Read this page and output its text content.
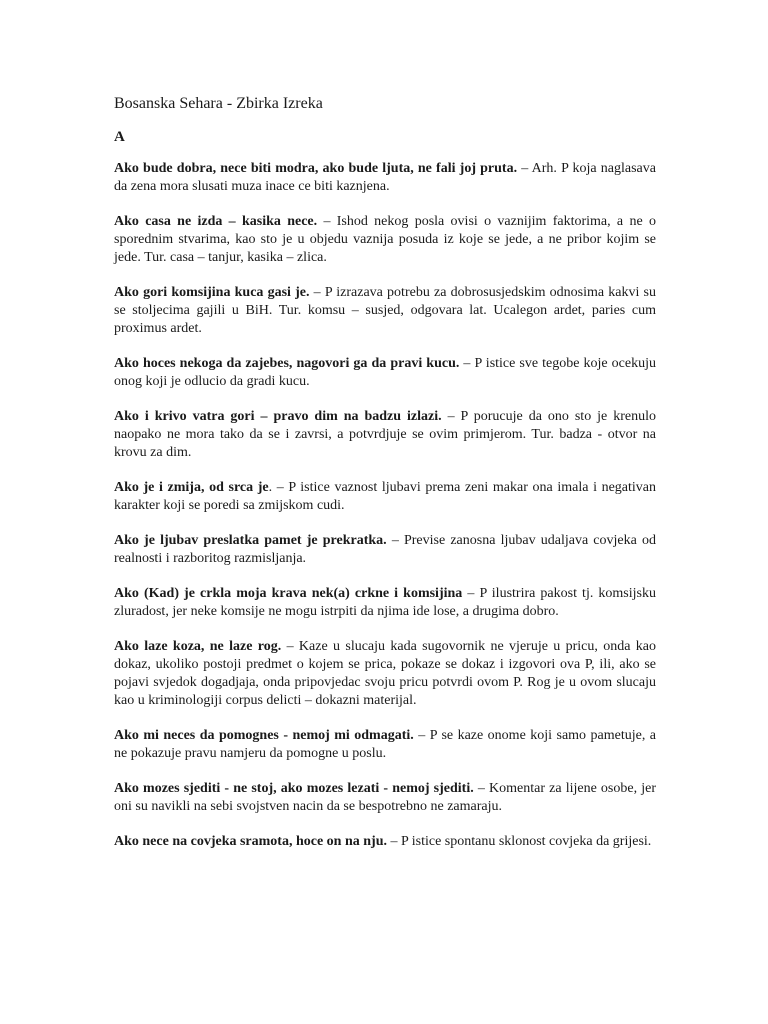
Bosanska Sehara - Zbirka Izreka
A

Ako bude dobra, nece biti modra, ako bude ljuta, ne fali joj pruta. – Arh. P koja naglasava da zena mora slusati muza inace ce biti kaznjena.

Ako casa ne izda – kasika nece. – Ishod nekog posla ovisi o vaznijim faktorima, a ne o sporednim stvarima, kao sto je u objedu vaznija posuda iz koje se jede, a ne pribor kojim se jede. Tur. casa – tanjur, kasika – zlica.

Ako gori komsijina kuca gasi je. – P izrazava potrebu za dobrosusjedskim odnosima kakvi su se stoljecima gajili u BiH. Tur. komsu – susjed, odgovara lat. Ucalegon ardet, paries cum proximus ardet.

Ako hoces nekoga da zajebes, nagovori ga da pravi kucu. – P istice sve tegobe koje ocekuju onog koji je odlucio da gradi kucu.

Ako i krivo vatra gori – pravo dim na badzu izlazi. – P porucuje da ono sto je krenulo naopako ne mora tako da se i zavrsi, a potvrdjuje se ovim primjerom. Tur. badza - otvor na krovu za dim.

Ako je i zmija, od srca je. – P istice vaznost ljubavi prema zeni makar ona imala i negativan karakter koji se poredi sa zmijskom cudi.

Ako je ljubav preslatka pamet je prekratka. – Previse zanosna ljubav udaljava covjeka od realnosti i razboritog razmisljanja.

Ako (Kad) je crkla moja krava nek(a) crkne i komsijina – P ilustrira pakost tj. komsijsku zluradost, jer neke komsije ne mogu istrpiti da njima ide lose, a drugima dobro.

Ako laze koza, ne laze rog. – Kaze u slucaju kada sugovornik ne vjeruje u pricu, onda kao dokaz, ukoliko postoji predmet o kojem se prica, pokaze se dokaz i izgovori ova P, ili, ako se pojavi svjedok dogadjaja, onda pripovjedac svoju pricu potvrdi ovom P. Rog je u ovom slucaju kao u kriminologiji corpus delicti – dokazni materijal.

Ako mi neces da pomognes - nemoj mi odmagati. – P se kaze onome koji samo pametuje, a ne pokazuje pravu namjeru da pomogne u poslu.

Ako mozes sjediti - ne stoj, ako mozes lezati - nemoj sjediti. – Komentar za lijene osobe, jer oni su navikli na sebi svojstven nacin da se bespotrebno ne zamaraju.

Ako nece na covjeka sramota, hoce on na nju. – P istice spontanu sklonost covjeka da grijesi.
